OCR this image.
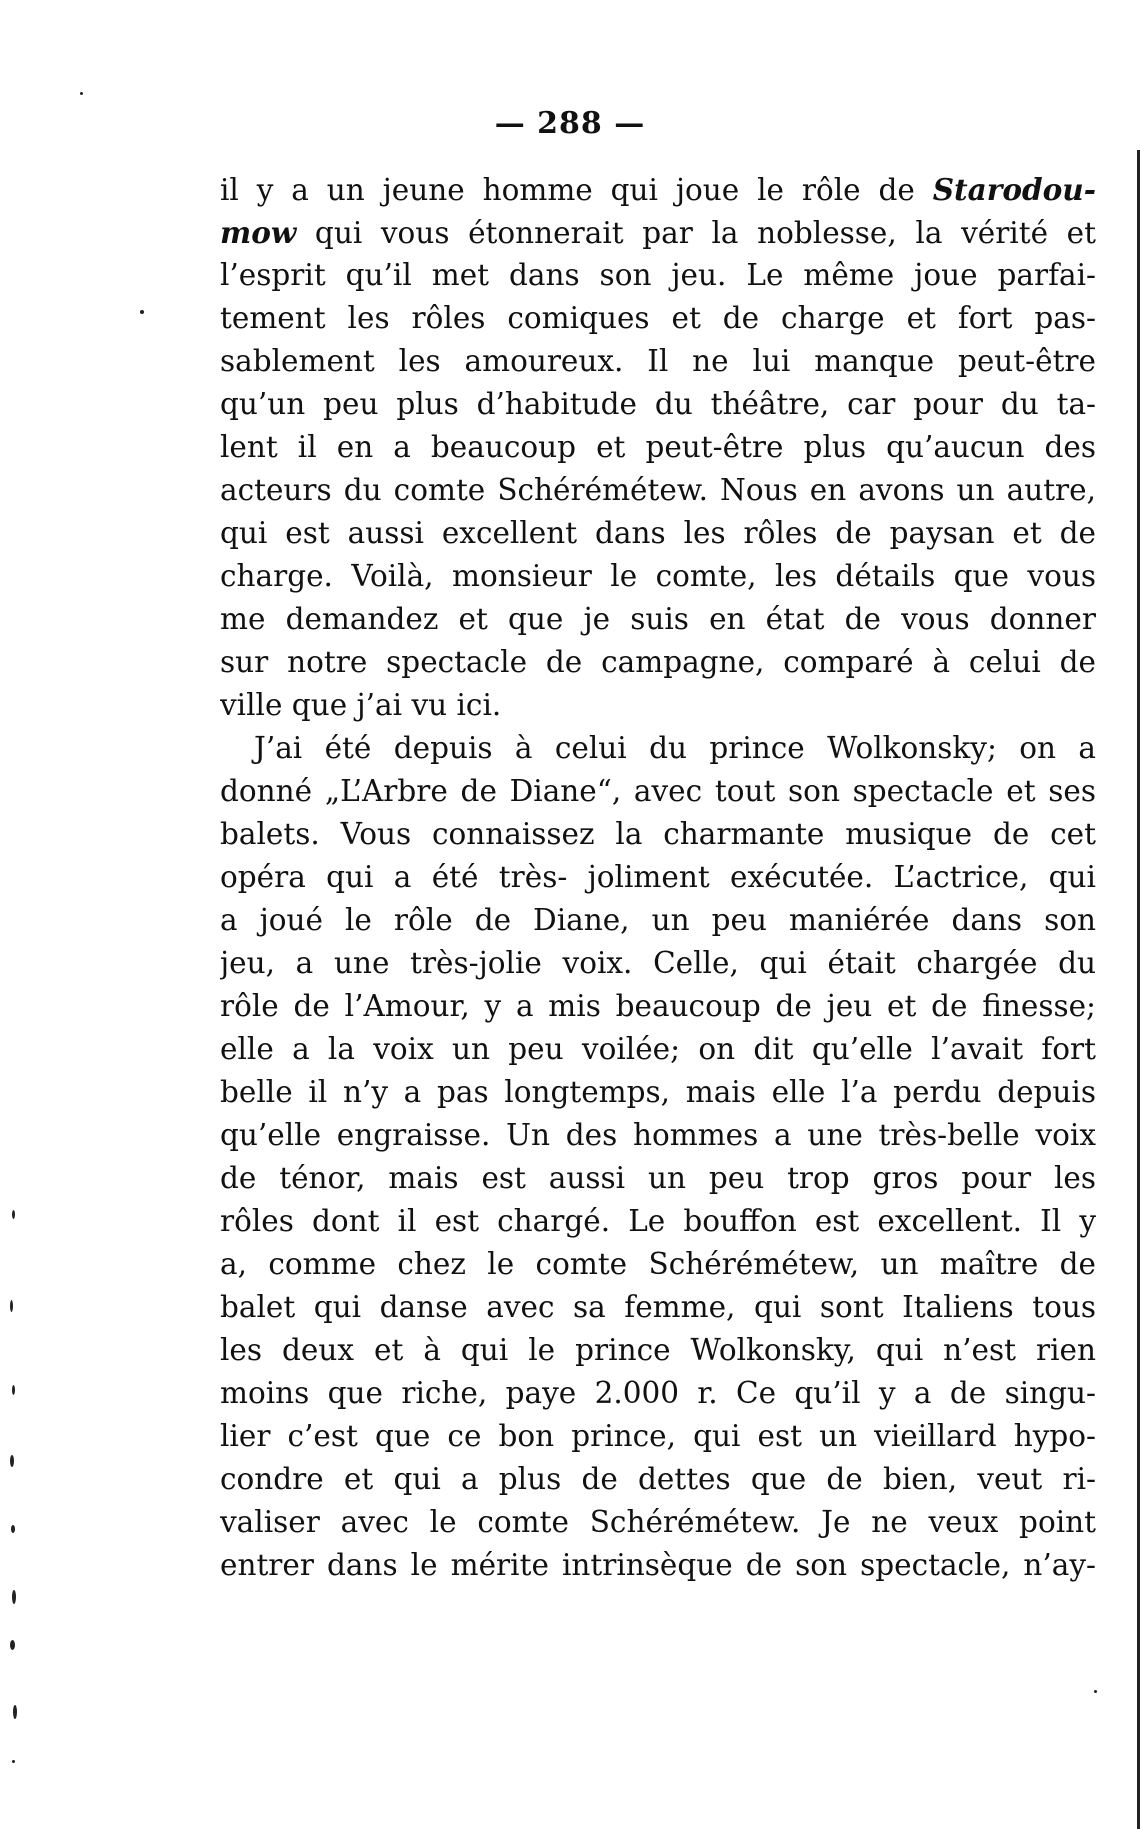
— 288 —
il y a un jeune homme qui joue le rôle de Starodou-
mow qui vous étonnerait par la noblesse, la vérité et
l’esprit qu’il met dans son jeu. Le même joue parfai-
tement les rôles comiques et de charge et fort pas-
sablement les amoureux. Il ne lui manque peut-être
qu’un peu plus d’habitude du théâtre, car pour du ta-
lent il en a beaucoup et peut-être plus qu’aucun des
acteurs du comte Schérémétew. Nous en avons un autre,
qui est aussi excellent dans les rôles de paysan et de
charge. Voilà, monsieur le comte, les détails que vous
me demandez et que je suis en état de vous donner
sur notre spectacle de campagne, comparé à celui de
ville que j’ai vu ici.
J’ai été depuis à celui du prince Wolkonsky; on a
donné „L’Arbre de Diane“, avec tout son spectacle et ses
balets. Vous connaissez la charmante musique de cet
opéra qui a été très- joliment exécutée. L’actrice, qui
a joué le rôle de Diane, un peu maniérée dans son
jeu, a une très-jolie voix. Celle, qui était chargée du
rôle de l’Amour, y a mis beaucoup de jeu et de finesse;
elle a la voix un peu voilée; on dit qu’elle l’avait fort
belle il n’y a pas longtemps, mais elle l’a perdu depuis
qu’elle engraisse. Un des hommes a une très-belle voix
de ténor, mais est aussi un peu trop gros pour les
rôles dont il est chargé. Le bouffon est excellent. Il y
a, comme chez le comte Schérémétew, un maître de
balet qui danse avec sa femme, qui sont Italiens tous
les deux et à qui le prince Wolkonsky, qui n’est rien
moins que riche, paye 2.000 r. Ce qu’il y a de singu-
lier c’est que ce bon prince, qui est un vieillard hypo-
condre et qui a plus de dettes que de bien, veut ri-
valiser avec le comte Schérémétew. Je ne veux point
entrer dans le mérite intrinsèque de son spectacle, n’ay-
